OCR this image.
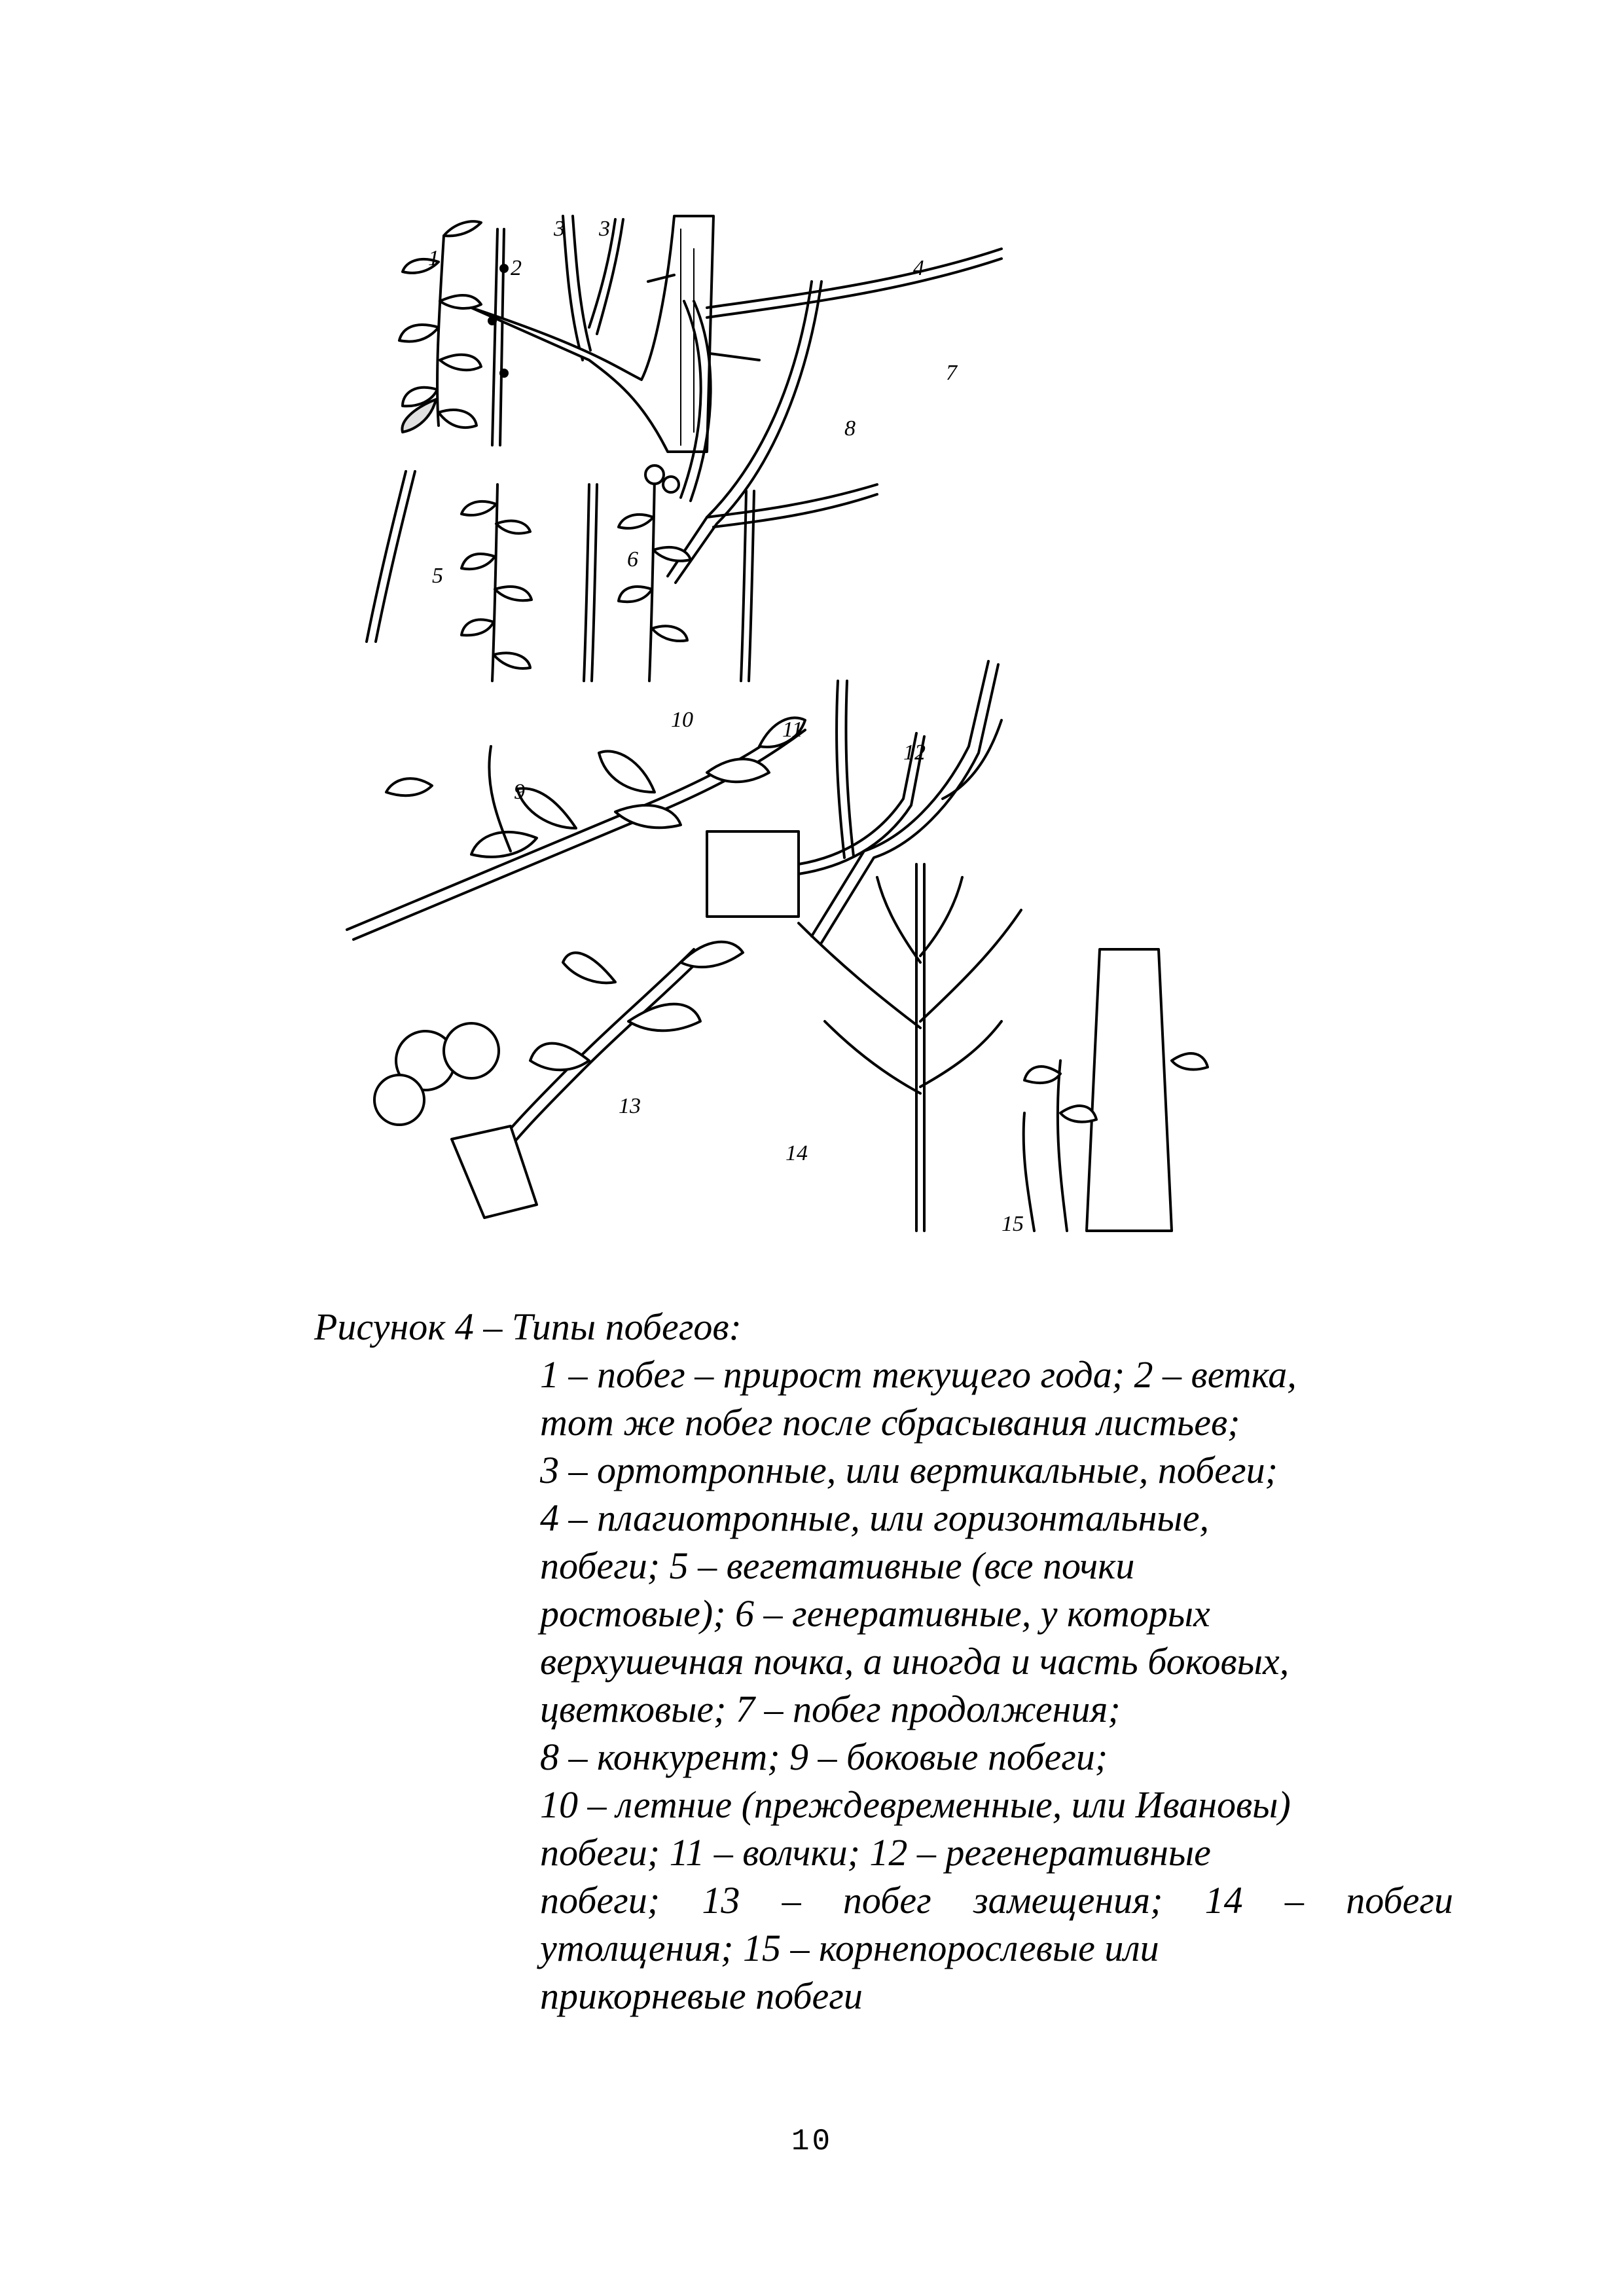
1	2
3 3
4
5
6
7
8
9
10	11
12
13
14
15

Рисунок 4 – Типы побегов:

1 – побег – прирост текущего года; 2 – ветка,
тот же побег после сбрасывания листьев;
3 – ортотропные, или вертикальные, побеги;
4 – плагиотропные, или горизонтальные,
побеги; 5 – вегетативные (все почки
ростовые); 6 – генеративные, у которых
верхушечная почка, а иногда и часть боковых,
цветковые; 7 – побег продолжения;
8 – конкурент; 9 – боковые побеги;
10 – летние (преждевременные, или Ивановы)
побеги; 11 – волчки; 12 – регенеративные
побеги; 13 – побег замещения; 14 – побеги
утолщения; 15 – корнепорослевые или
прикорневые побеги
10
